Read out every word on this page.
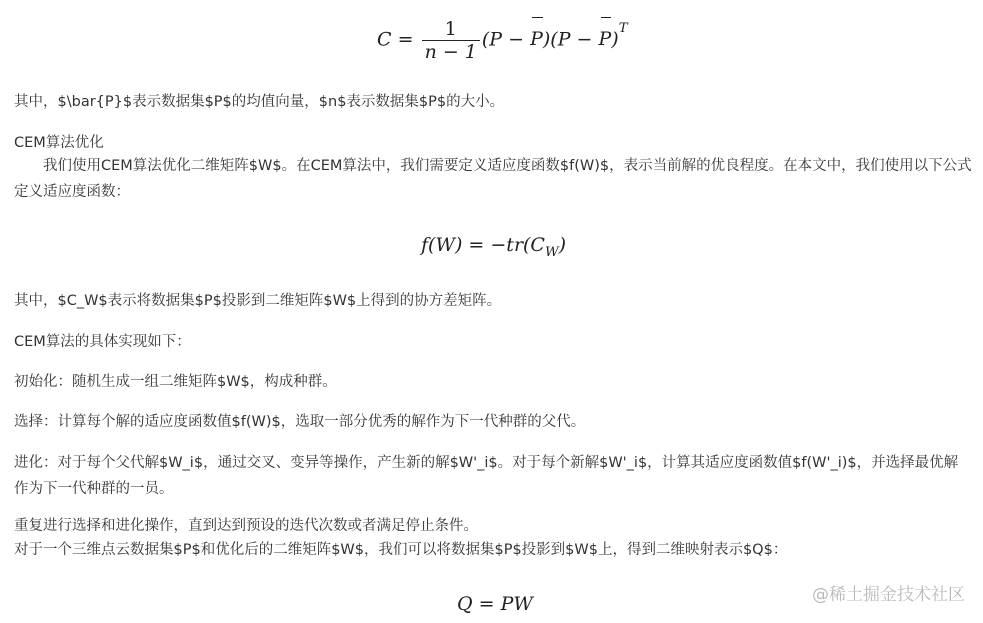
$C = \frac{1}{n - 1} (P - P)(P - P)^T$
其中，$\bar{P}$表示数据集$P$的均值向量，$n$表示数据集$P$的大小。
CEM算法优化
我们使用CEM算法优化二维矩阵$W$。在CEM算法中，我们需要定义适应度函数$f(W)$，表示当前解的优良程度。在本文中，我们使用以下公式定义适应度函数：
$f(W) = -tr(C_W)$
其中，$C_W$表示将数据集$P$投影到二维矩阵$W$上得到的协方差矩阵。
CEM算法的具体实现如下：
初始化：随机生成一组二维矩阵$W$，构成种群。
选择：计算每个解的适应度函数值$f(W)$，选取一部分优秀的解作为下一代种群的父代。
进化：对于每个父代解$W_i$，通过交叉、变异等操作，产生新的解$W'_i$。对于每个新解$W'_i$，计算其适应度函数值$f(W'_i)$，并选择最优解作为下一代种群的一员。
重复进行选择和进化操作，直到达到预设的迭代次数或者满足停止条件。
对于一个三维点云数据集$P$和优化后的二维矩阵$W$，我们可以将数据集$P$投影到$W$上，得到二维映射表示$Q$：
Q = PW	@稀土掘金技术社区
